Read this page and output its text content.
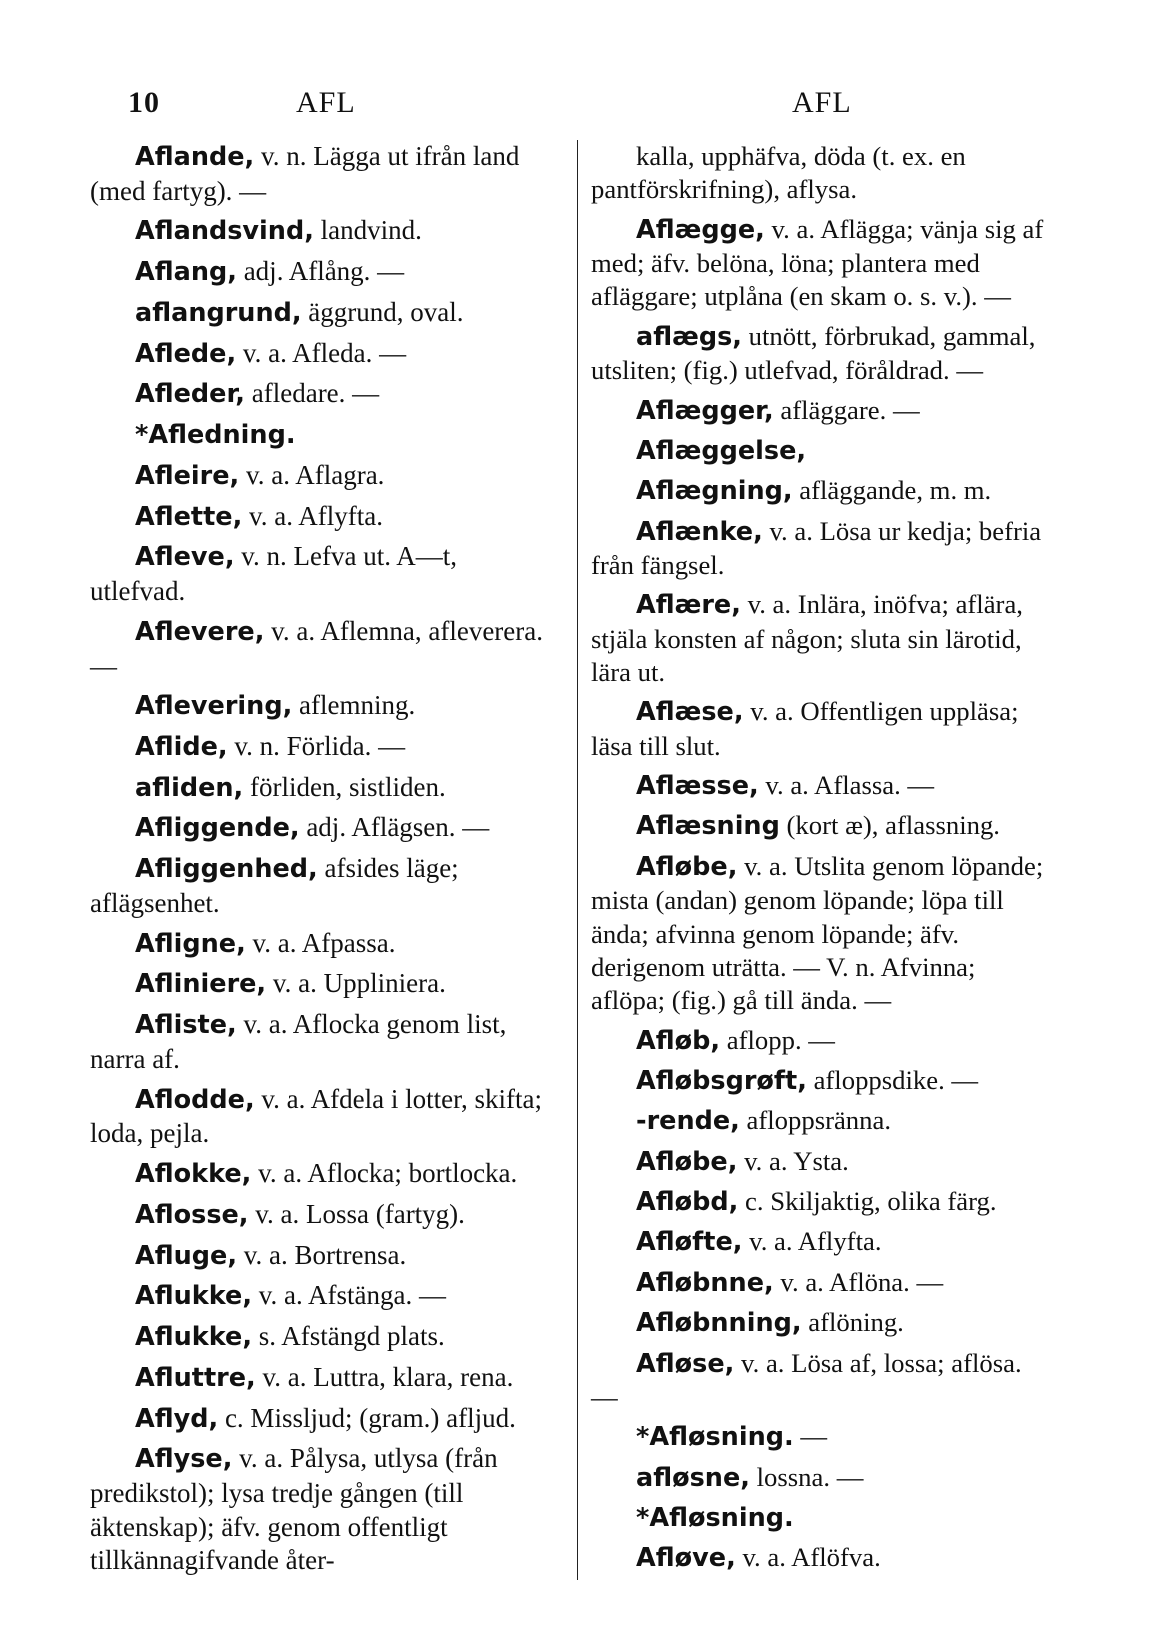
10	AFL	AFL

Aflande, v. n. Lägga ut ifrån land (med fartyg). —

Aflandsvind, landvind.

Aflang, adj. Aflång. —

aflangrund, äggrund, oval.

Aflede, v. a. Afleda. —

Afleder, afledare. —

*Afledning.

Afleire, v. a. Aflagra.

Aflette, v. a. Aflyfta.

Afleve, v. n. Lefva ut. A—t, utlefvad.

Aflevere, v. a. Aflemna, afleverera. —

Aflevering, aflemning.

Aflide, v. n. Förlida. —

afliden, förliden, sistliden.

Afliggende, adj. Aflägsen. —

Afliggenhed, afsides läge; aflägsenhet.

Afligne, v. a. Afpassa.

Afliniere, v. a. Uppliniera.

Afliste, v. a. Aflocka genom list, narra af.

Aflodde, v. a. Afdela i lotter, skifta; loda, pejla.

Aflokke, v. a. Aflocka; bortlocka.

Aflosse, v. a. Lossa (fartyg).

Afluge, v. a. Bortrensa.

Aflukke, v. a. Afstänga. —

Aflukke, s. Afstängd plats.

Afluttre, v. a. Luttra, klara, rena.

Aflyd, c. Missljud; (gram.) afljud.

Aflyse, v. a. Pålysa, utlysa (från predikstol); lysa tredje gången (till äktenskap); äfv. genom offentligt tillkännagifvande åter-

kalla, upphäfva, döda (t. ex. en pantförskrifning), aflysa.

Aflægge, v. a. Aflägga; vänja sig af med; äfv. belöna, löna; plantera med afläggare; utplåna (en skam o. s. v.). —

aflægs, utnött, förbrukad, gammal, utsliten; (fig.) utlefvad, föråldrad. —

Aflægger, afläggare. —

Aflæggelse,

Aflægning, afläggande, m. m.

Aflænke, v. a. Lösa ur kedja; befria från fängsel.

Aflære, v. a. Inlära, inöfva; aflära, stjäla konsten af någon; sluta sin lärotid, lära ut.

Aflæse, v. a. Offentligen uppläsa; läsa till slut.

Aflæsse, v. a. Aflassa. —

Aflæsning (kort æ), aflassning.

Afløbe, v. a. Utslita genom löpande; mista (andan) genom löpande; löpa till ända; afvinna genom löpande; äfv. derigenom uträtta. — V. n. Afvinna; aflöpa; (fig.) gå till ända. —

Afløb, aflopp. —

Afløbsgrøft, afloppsdike. —

-rende, afloppsränna.

Afløbe, v. a. Ysta.

Afløbd, c. Skiljaktig, olika färg.

Afløfte, v. a. Aflyfta.

Afløbnne, v. a. Aflöna. —

Afløbnning, aflöning.

Afløse, v. a. Lösa af, lossa; aflösa. —

*Afløsning. —

afløsne, lossna. —

*Afløsning.

Afløve, v. a. Aflöfva.
